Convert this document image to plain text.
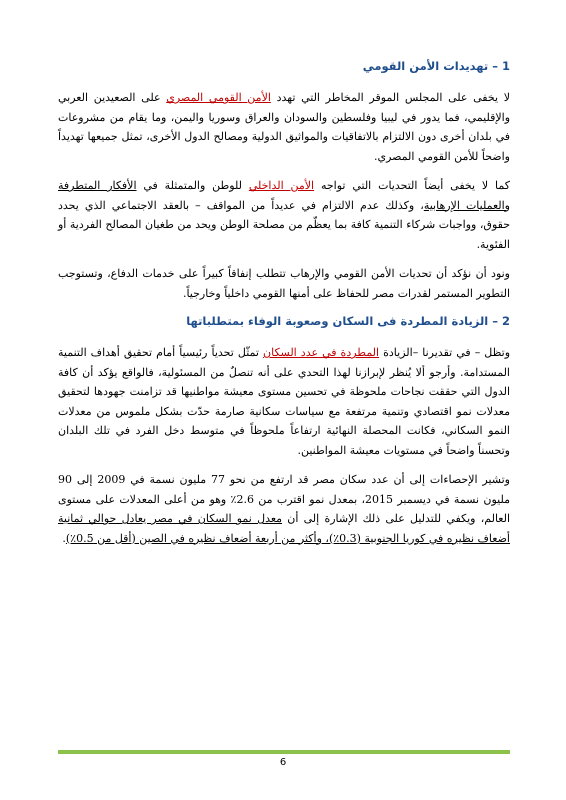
1 – تهديدات الأمن القومي

لا يخفى على المجلس الموقر المخاطر التي تهدد الأمن القومي المصري على الصعيدين العربي والإقليمي، فما يدور في ليبيا وفلسطين والسودان والعراق وسوريا واليمن، وما يقام من مشروعات في بلدان أخرى دون الالتزام بالاتفاقيات والمواثيق الدولية ومصالح الدول الأخرى، تمثل جميعها تهديداً واضحاً للأمن القومي المصري.

كما لا يخفى أيضاً التحديات التي تواجه الأمن الداخلي للوطن والمتمثلة في الأفكار المتطرفة والعمليات الإرهابية، وكذلك عدم الالتزام في عديداً من المواقف – بالعقد الاجتماعي الذي يحدد حقوق، وواجبات شركاء التنمية كافة بما يعظّم من مصلحة الوطن ويحد من طغيان المصالح الفردية أو الفئوية.

ونود أن نؤكد أن تحديات الأمن القومي والإرهاب تتطلب إنفاقاً كبيراً على خدمات الدفاع، وتستوجب التطوير المستمر لقدرات مصر للحفاظ على أمنها القومي داخلياً وخارجياً.

2 – الزيادة المطردة فى السكان وصعوبة الوفاء بمتطلباتها

وتظل – في تقديرنا –الزيادة المطردة في عدد السكان تمثّل تحدياً رئيسياً أمام تحقيق أهداف التنمية المستدامة. وأرجو ألا يُنظر لإبرازنا لهذا التحدي على أنه تنصلٌ من المسئولية، فالواقع يؤكد أن كافة الدول التي حققت نجاحات ملحوظة في تحسين مستوى معيشة مواطنيها قد تزامنت جهودها لتحقيق معدلات نمو اقتصادي وتنمية مرتفعة مع سياسات سكانية صارمة حدّت بشكل ملموس من معدلات النمو السكاني، فكانت المحصلة النهائية ارتفاعاً ملحوظاً في متوسط دخل الفرد في تلك البلدان وتحسناً واضحاً في مستويات معيشة المواطنين.

وتشير الإحصاءات إلى أن عدد سكان مصر قد ارتفع من نحو 77 مليون نسمة في 2009 إلى 90 مليون نسمة في ديسمبر 2015، بمعدل نمو اقترب من 2.6٪ وهو من أعلى المعدلات على مستوى العالم، ويكفي للتدليل على ذلك الإشارة إلى أن معدل نمو السكان في مصر يعادل حوالي ثمانية أضعاف نظيره في كوريا الجنوبية (0.3٪)، وأكثر من أربعة أضعاف نظيره في الصين (أقل من 0.5٪).

6
